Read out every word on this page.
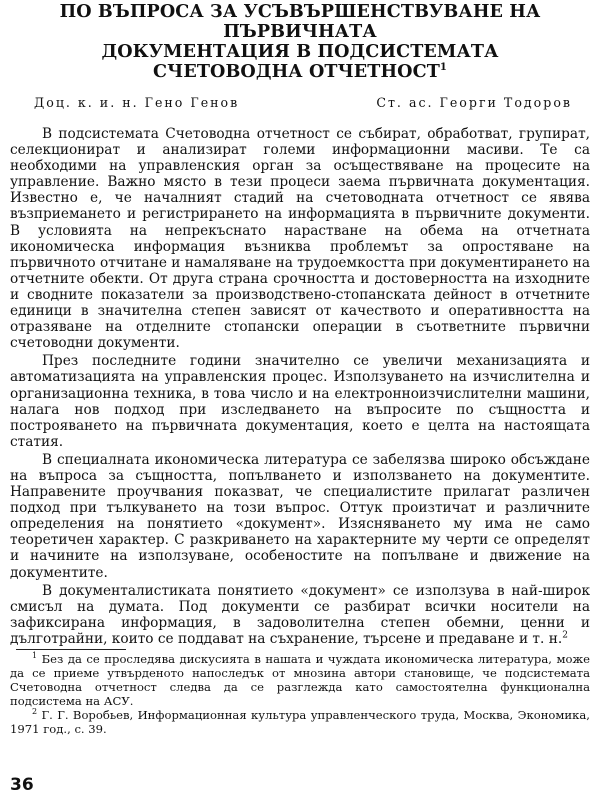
ПО ВЪПРОСА ЗА УСЪВЪРШЕНСТВУВАНЕ НА ПЪРВИЧНАТА
ДОКУМЕНТАЦИЯ В ПОДСИСТЕМАТА
СЧЕТОВОДНА ОТЧЕТНОСТ$^1$
Доц. к. и. н. Гено Генов	Ст. ас. Георги Тодоров

В подсистемата Счетоводна отчетност се събират, обработват, групират, селекционират и анализират големи информационни масиви. Те са необходими на управленския орган за осъществяване на процесите на управление. Важно място в тези процеси заема първичната документация. Известно е, че началният стадий на счетоводната отчетност се явява възприемането и регистрирането на информацията в първичните документи. В условията на непрекъснато нарастване на обема на отчетната икономическа информация възниква проблемът за опростяване на първичното отчитане и намаляване на трудоемкостта при документирането на отчетните обекти. От друга страна срочността и достоверността на изходните и сводните показатели за производствено-стопанската дейност в отчетните единици в значителна степен зависят от качеството и оперативността на отразяване на отделните стопански операции в съответните първични счетоводни документи.

През последните години значително се увеличи механизацията и автоматизацията на управленския процес. Използуването на изчислителна и организационна техника, в това число и на електронноизчислителни машини, налага нов подход при изследването на въпросите по същността и построяването на първичната документация, което е целта на настоящата статия.

В специалната икономическа литература се забелязва широко обсъждане на въпроса за същността, попълването и използването на документите. Направените проучвания показват, че специалистите прилагат различен подход при тълкуването на този въпрос. Оттук произтичат и различните определения на понятието «документ». Изясняването му има не само теоретичен характер. С разкриването на характерните му черти се определят и начините на използуване, особеностите на попълване и движение на документите.

В документалистиката понятието «документ» се използува в най-широк смисъл на думата. Под документи се разбират всички носители на зафиксирана информация, в задоволителна степен обемни, ценни и дълготрайни, които се поддават на съхранение, търсене и предаване и т. н.$^2$

$^1$ Без да се проследява дискусията в нашата и чуждата икономическа литература, може да се приеме утвърденото напоследък от мнозина автори становище, че подсистемата Счетоводна отчетност следва да се разглежда като самостоятелна функционална подсистема на АСУ.

$^2$ Г. Г. Воробьев, Информационная культура управленческого труда, Москва, Экономика, 1971 год., с. 39.

36
